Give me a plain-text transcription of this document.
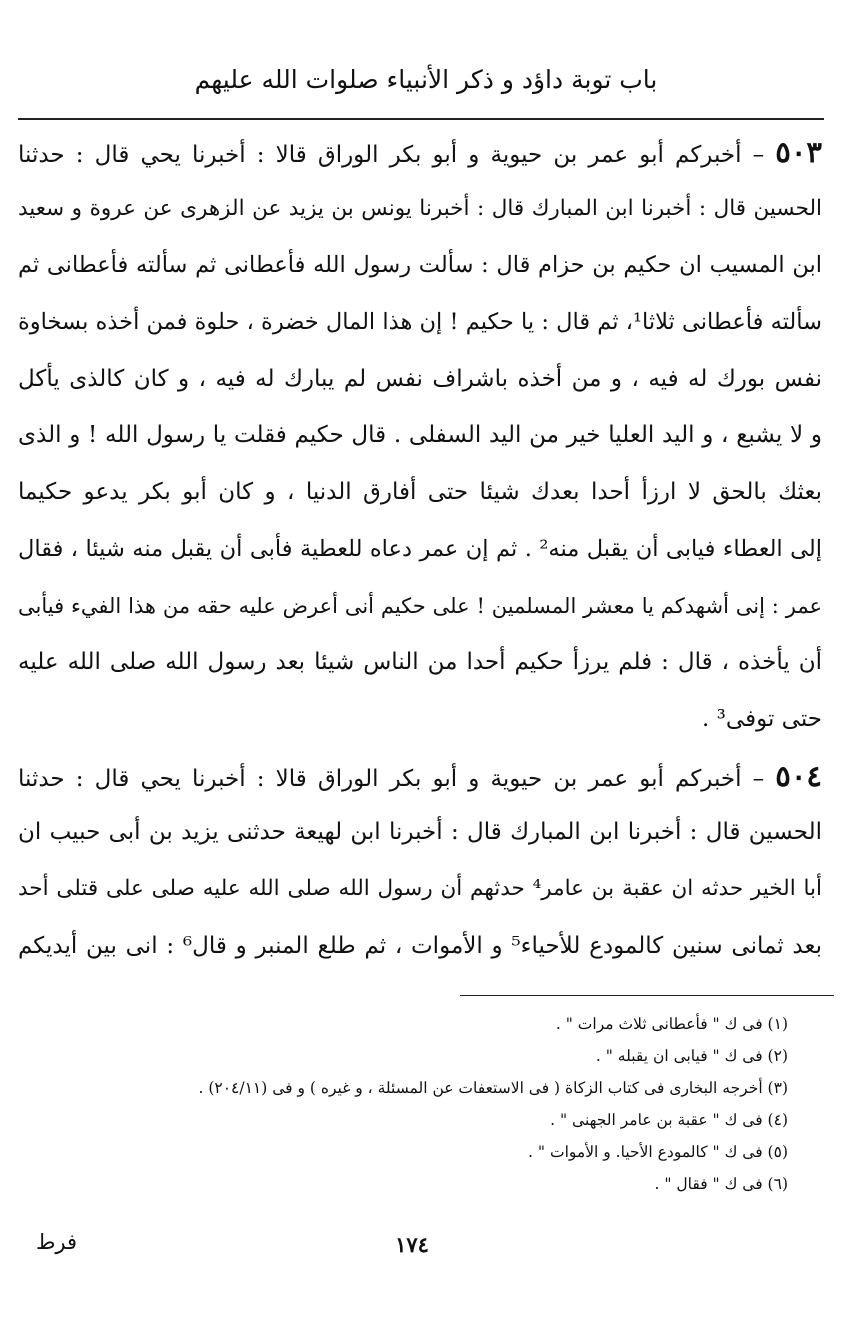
باب توبة داؤد و ذكر الأنبياء صلوات الله عليهم
٥٠٣ – أخبركم أبو عمر بن حيوية و أبو بكر الوراق قالا : أخبرنا يحي قال : حدثنا
الحسين قال : أخبرنا ابن المبارك قال : أخبرنا يونس بن يزيد عن الزهرى عن عروة و سعيد
ابن المسيب ان حكيم بن حزام قال : سألت رسول الله فأعطانى ثم سألته فأعطانى ثم
سألته فأعطانى ثلاثا¹، ثم قال : يا حكيم ! إن هذا المال خضرة ، حلوة فمن أخذه بسخاوة
نفس بورك له فيه ، و من أخذه باشراف نفس لم يبارك له فيه ، و كان كالذى يأكل
و لا يشبع ، و اليد العليا خير من اليد السفلى . قال حكيم فقلت يا رسول الله ! و الذى
بعثك بالحق لا ارزأ أحدا بعدك شيئا حتى أفارق الدنيا ، و كان أبو بكر يدعو حكيما
إلى العطاء فيابى أن يقبل منه² . ثم إن عمر دعاه للعطية فأبى أن يقبل منه شيئا ، فقال
عمر : إنى أشهدكم يا معشر المسلمين ! على حكيم أنى أعرض عليه حقه من هذا الفيء فيأبى
أن يأخذه ، قال : فلم يرزأ حكيم أحدا من الناس شيئا بعد رسول الله صلى الله عليه
حتى توفى³ .
٥٠٤ – أخبركم أبو عمر بن حيوية و أبو بكر الوراق قالا : أخبرنا يحي قال : حدثنا
الحسين قال : أخبرنا ابن المبارك قال : أخبرنا ابن لهيعة حدثنى يزيد بن أبى حبيب ان
أبا الخير حدثه ان عقبة بن عامر⁴ حدثهم أن رسول الله صلى الله عليه صلى على قتلى أحد
بعد ثمانى سنين كالمودع للأحياء⁵ و الأموات ، ثم طلع المنبر و قال⁶ : انى بين أيديكم
(١) فى ك " فأعطانى ثلاث مرات " .
(٢) فى ك " فيابى ان يقبله " .
(٣) أخرجه البخارى فى كتاب الزكاة ( فى الاستعفات عن المسئلة ، و غيره ) و فى (٢٠٤/١١) .
(٤) فى ك " عقبة بن عامر الجهنى " .
(٥) فى ك " كالمودع الأحيا. و الأموات " .
(٦) فى ك " فقال " .
١٧٤
فرط
